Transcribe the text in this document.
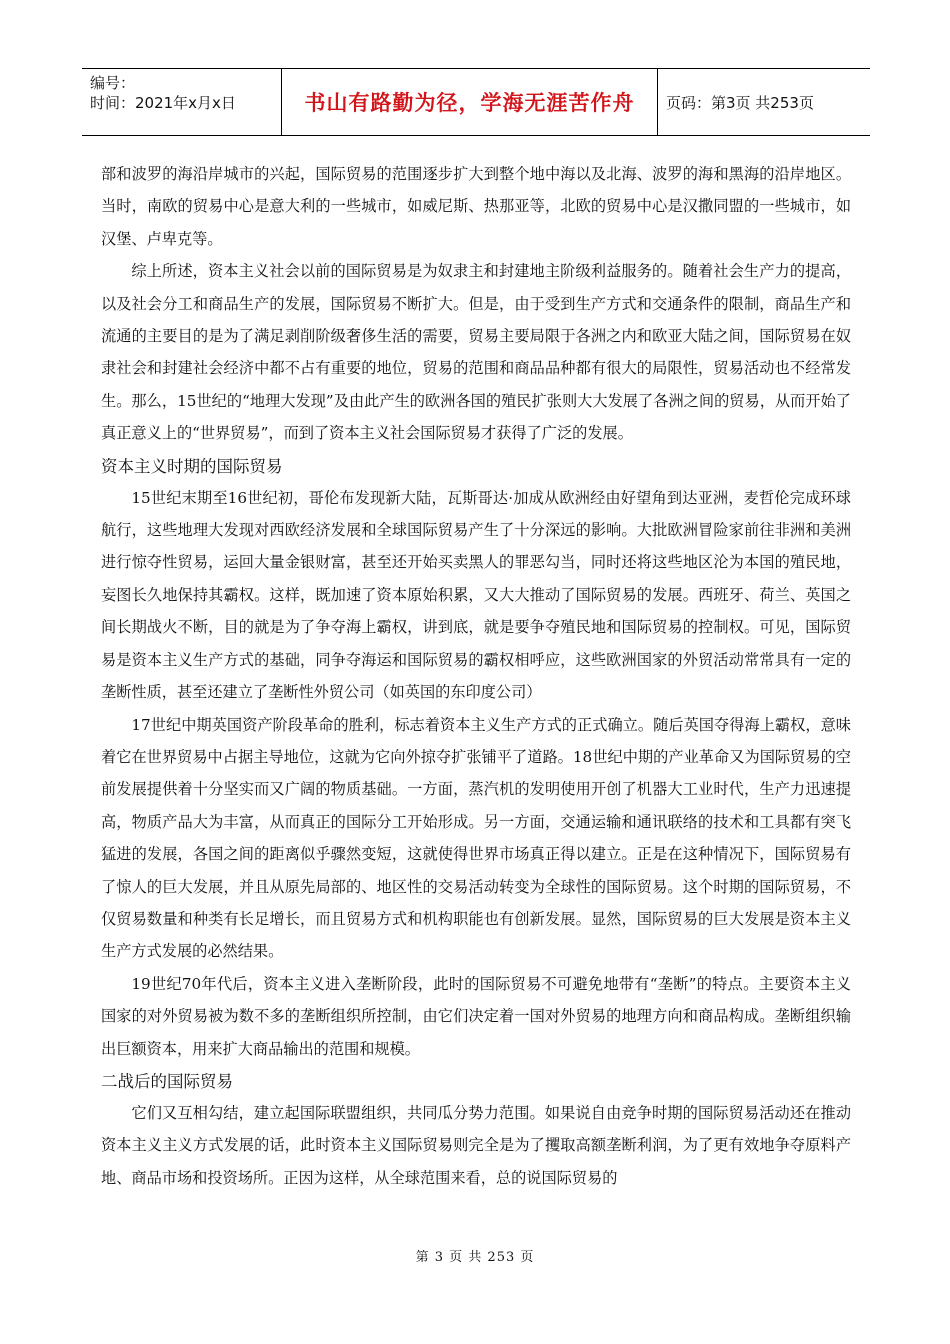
编号：
时间：2021年x月x日	书山有路勤为径，学海无涯苦作舟	页码：第3页 共253页

部和波罗的海沿岸城市的兴起，国际贸易的范围逐步扩大到整个地中海以及北海、波罗的海和黑海的沿岸地区。当时，南欧的贸易中心是意大利的一些城市，如威尼斯、热那亚等，北欧的贸易中心是汉撒同盟的一些城市，如汉堡、卢卑克等。

综上所述，资本主义社会以前的国际贸易是为奴隶主和封建地主阶级利益服务的。随着社会生产力的提高，以及社会分工和商品生产的发展，国际贸易不断扩大。但是，由于受到生产方式和交通条件的限制，商品生产和流通的主要目的是为了满足剥削阶级奢侈生活的需要，贸易主要局限于各洲之内和欧亚大陆之间，国际贸易在奴隶社会和封建社会经济中都不占有重要的地位，贸易的范围和商品品种都有很大的局限性，贸易活动也不经常发生。那么，15世纪的“地理大发现”及由此产生的欧洲各国的殖民扩张则大大发展了各洲之间的贸易，从而开始了真正意义上的“世界贸易”，而到了资本主义社会国际贸易才获得了广泛的发展。

资本主义时期的国际贸易

15世纪末期至16世纪初，哥伦布发现新大陆，瓦斯哥达·加成从欧洲经由好望角到达亚洲，麦哲伦完成环球航行，这些地理大发现对西欧经济发展和全球国际贸易产生了十分深远的影响。大批欧洲冒险家前往非洲和美洲进行惊夺性贸易，运回大量金银财富，甚至还开始买卖黑人的罪恶勾当，同时还将这些地区沦为本国的殖民地，妄图长久地保持其霸权。这样，既加速了资本原始积累，又大大推动了国际贸易的发展。西班牙、荷兰、英国之间长期战火不断，目的就是为了争夺海上霸权，讲到底，就是要争夺殖民地和国际贸易的控制权。可见，国际贸易是资本主义生产方式的基础，同争夺海运和国际贸易的霸权相呼应，这些欧洲国家的外贸活动常常具有一定的垄断性质，甚至还建立了垄断性外贸公司（如英国的东印度公司）

17世纪中期英国资产阶段革命的胜利，标志着资本主义生产方式的正式确立。随后英国夺得海上霸权，意味着它在世界贸易中占据主导地位，这就为它向外掠夺扩张铺平了道路。18世纪中期的产业革命又为国际贸易的空前发展提供着十分坚实而又广阔的物质基础。一方面，蒸汽机的发明使用开创了机器大工业时代，生产力迅速提高，物质产品大为丰富，从而真正的国际分工开始形成。另一方面，交通运输和通讯联络的技术和工具都有突飞猛进的发展，各国之间的距离似乎骤然变短，这就使得世界市场真正得以建立。正是在这种情况下，国际贸易有了惊人的巨大发展，并且从原先局部的、地区性的交易活动转变为全球性的国际贸易。这个时期的国际贸易，不仅贸易数量和种类有长足增长，而且贸易方式和机构职能也有创新发展。显然，国际贸易的巨大发展是资本主义生产方式发展的必然结果。

19世纪70年代后，资本主义进入垄断阶段，此时的国际贸易不可避免地带有“垄断”的特点。主要资本主义国家的对外贸易被为数不多的垄断组织所控制，由它们决定着一国对外贸易的地理方向和商品构成。垄断组织输出巨额资本，用来扩大商品输出的范围和规模。

二战后的国际贸易

它们又互相勾结，建立起国际联盟组织，共同瓜分势力范围。如果说自由竞争时期的国际贸易活动还在推动资本主义主义方式发展的话，此时资本主义国际贸易则完全是为了攫取高额垄断利润，为了更有效地争夺原料产地、商品市场和投资场所。正因为这样，从全球范围来看，总的说国际贸易的

第 3 页 共 253 页
